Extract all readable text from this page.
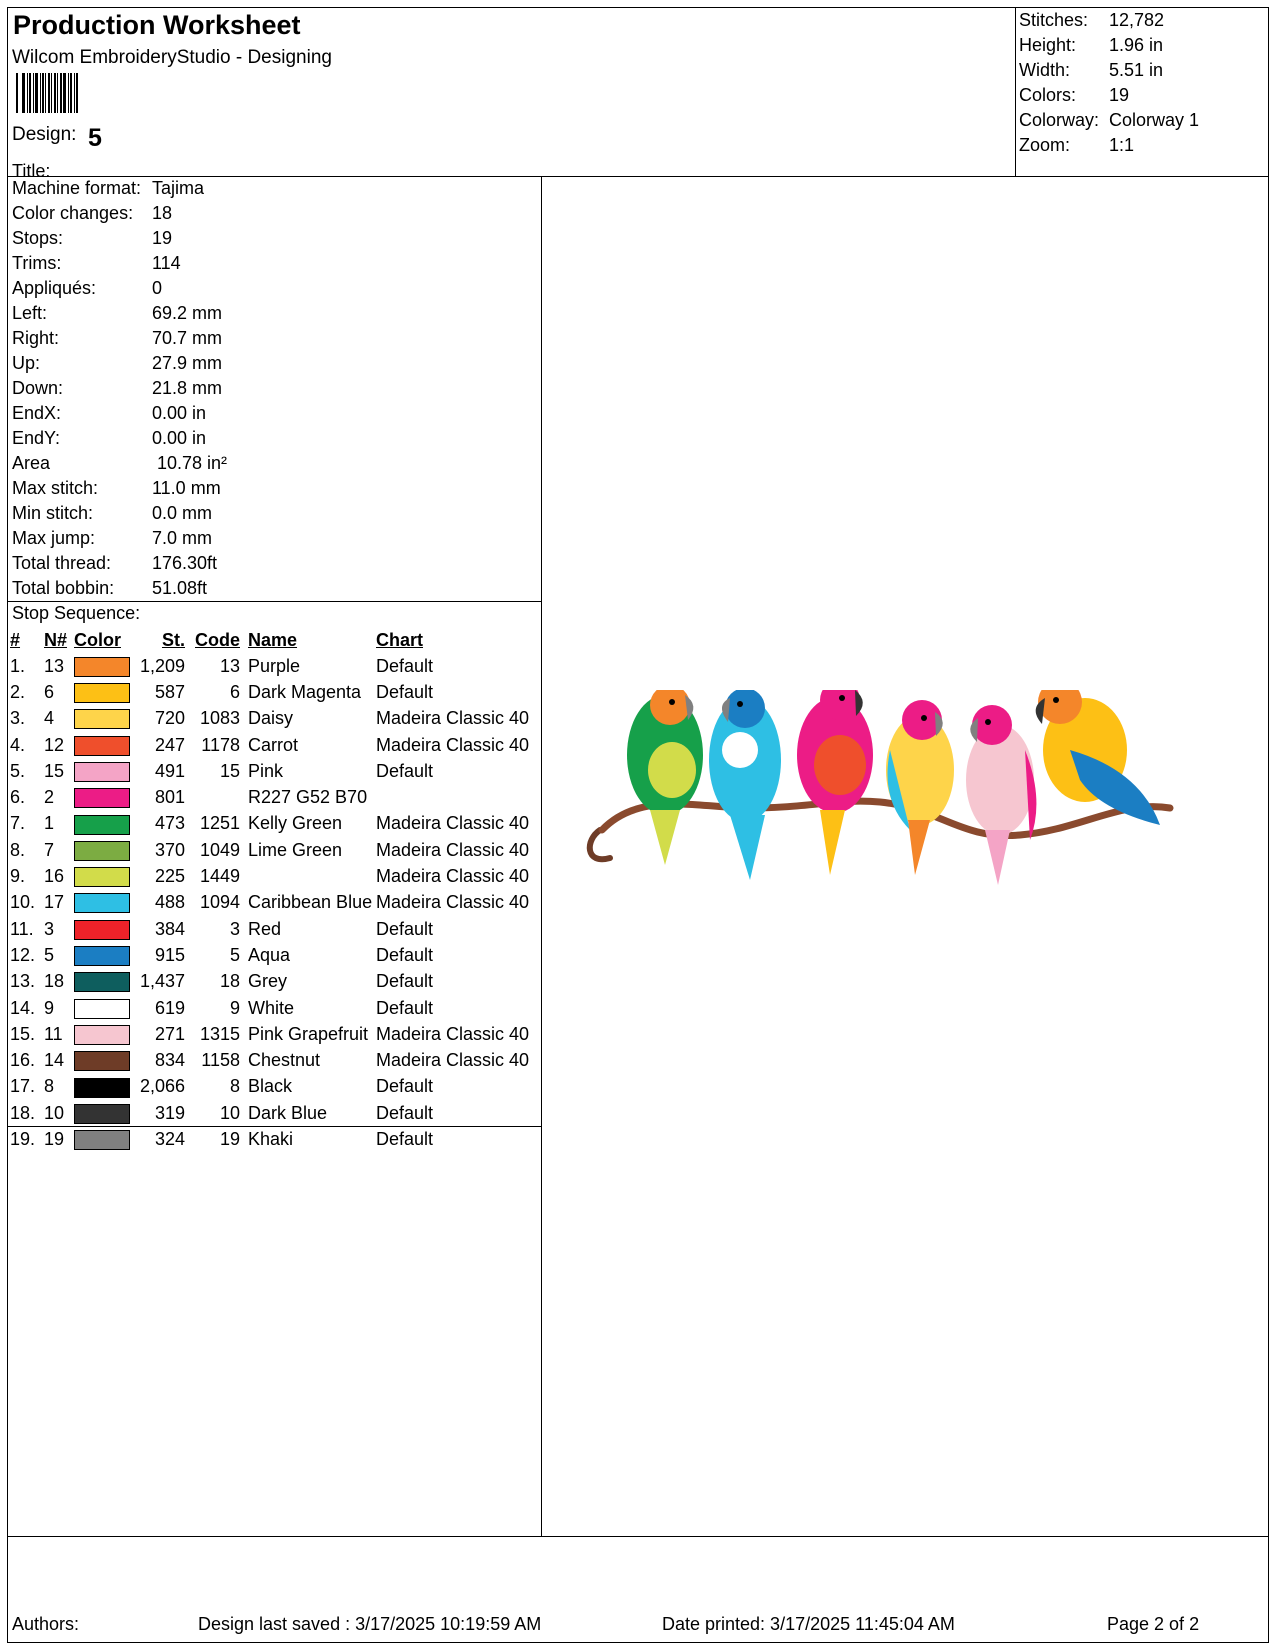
Production Worksheet
Wilcom EmbroideryStudio - Designing
Design: 5
Title:
Stitches: 12,782
Height: 1.96 in
Width: 5.51 in
Colors: 19
Colorway: Colorway 1
Zoom: 1:1
Machine format: Tajima
Color changes: 18
Stops:	19
Trims:	114
Appliqués:	0
Left:	69.2 mm
Right:	70.7 mm
Up:	27.9 mm
Down:	21.8 mm
EndX:	0.00 in
EndY:	0.00 in
Area	10.78 in²
Max stitch:	11.0 mm
Min stitch:	0.0 mm
Max jump:	7.0 mm
Total thread: 176.30ft
Total bobbin: 51.08ft
Stop Sequence:
#	N#	Color	St.	Code	Name	Chart
1.	13		1,209	13	Purple	Default
2.	6		587	6	Dark Magenta	Default
3.	4		720	1083	Daisy	Madeira Classic 40
4.	12		247	1178	Carrot	Madeira Classic 40
5.	15		491	15	Pink	Default
6.	2		801		R227 G52 B70	
7.	1		473	1251	Kelly Green	Madeira Classic 40
8.	7		370	1049	Lime Green	Madeira Classic 40
9.	16		225	1449		Madeira Classic 40
10.	17		488	1094	Caribbean Blue	Madeira Classic 40
11.	3		384	3	Red	Default
12.	5		915	5	Aqua	Default
13.	18		1,437	18	Grey	Default
14.	9		619	9	White	Default
15.	11		271	1315	Pink Grapefruit	Madeira Classic 40
16.	14		834	1158	Chestnut	Madeira Classic 40
17.	8		2,066	8	Black	Default
18.	10		319	10	Dark Blue	Default
19.	19		324	19	Khaki	Default
Authors:	Design last saved : 3/17/2025 10:19:59 AM	Date printed: 3/17/2025 11:45:04 AM	Page 2 of 2
